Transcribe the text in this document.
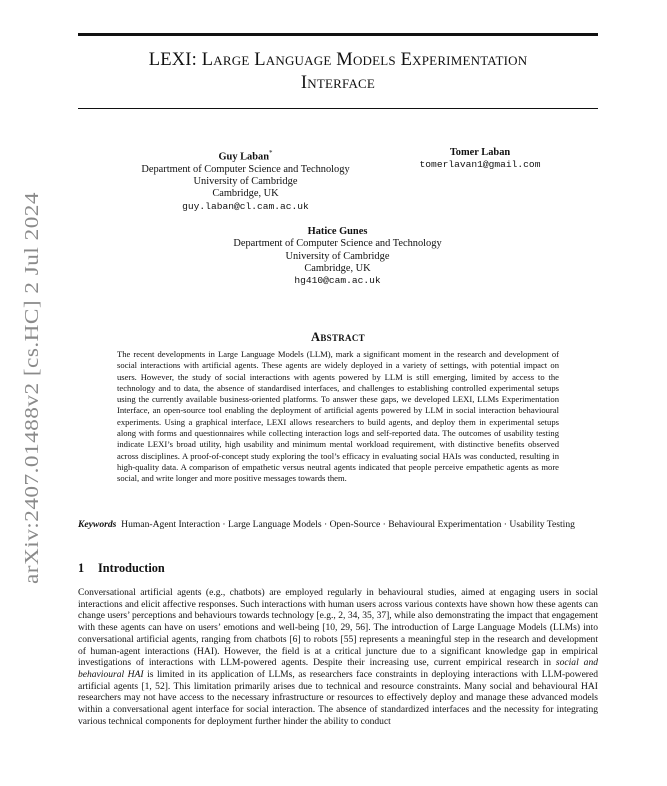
arXiv:2407.01488v2 [cs.HC] 2 Jul 2024
LEXI: Large Language Models Experimentation
Interface
Guy Laban*
Department of Computer Science and Technology
University of Cambridge
Cambridge, UK
guy.laban@cl.cam.ac.uk
Tomer Laban
tomerlavan1@gmail.com
Hatice Gunes
Department of Computer Science and Technology
University of Cambridge
Cambridge, UK
hg410@cam.ac.uk
Abstract
The recent developments in Large Language Models (LLM), mark a significant moment in the research and development of social interactions with artificial agents. These agents are widely deployed in a variety of settings, with potential impact on users. However, the study of social interactions with agents powered by LLM is still emerging, limited by access to the technology and to data, the absence of standardised interfaces, and challenges to establishing controlled experimental setups using the currently available business-oriented platforms. To answer these gaps, we developed LEXI, LLMs Experimentation Interface, an open-source tool enabling the deployment of artificial agents powered by LLM in social interaction behavioural experiments. Using a graphical interface, LEXI allows researchers to build agents, and deploy them in experimental setups along with forms and questionnaires while collecting interaction logs and self-reported data. The outcomes of usability testing indicate LEXI’s broad utility, high usability and minimum mental workload requirement, with distinctive benefits observed across disciplines. A proof-of-concept study exploring the tool’s efficacy in evaluating social HAIs was conducted, resulting in high-quality data. A comparison of empathetic versus neutral agents indicated that people perceive empathetic agents as more social, and write longer and more positive messages towards them.
Keywords Human-Agent Interaction · Large Language Models · Open-Source · Behavioural Experimentation · Usability Testing
1 Introduction
Conversational artificial agents (e.g., chatbots) are employed regularly in behavioural studies, aimed at engaging users in social interactions and elicit affective responses. Such interactions with human users across various contexts have shown how these agents can change users’ perceptions and behaviours towards technology [e.g., 2, 34, 35, 37], while also demonstrating the impact that engagement with these agents can have on users’ emotions and well-being [10, 29, 56]. The introduction of Large Language Models (LLMs) into conversational artificial agents, ranging from chatbots [6] to robots [55] represents a meaningful step in the research and development of human-agent interactions (HAI). However, the field is at a critical juncture due to a significant knowledge gap in empirical investigations of interactions with LLM-powered agents. Despite their increasing use, current empirical research in social and behavioural HAI is limited in its application of LLMs, as researchers face constraints in deploying interactions with LLM-powered artificial agents [1, 52]. This limitation primarily arises due to technical and resource constraints. Many social and behavioural HAI researchers may not have access to the necessary infrastructure or resources to effectively deploy and manage these advanced models within a conversational agent interface for social interaction. The absence of standardized interfaces and the necessity for integrating various technical components for deployment further hinder the ability to conduct
